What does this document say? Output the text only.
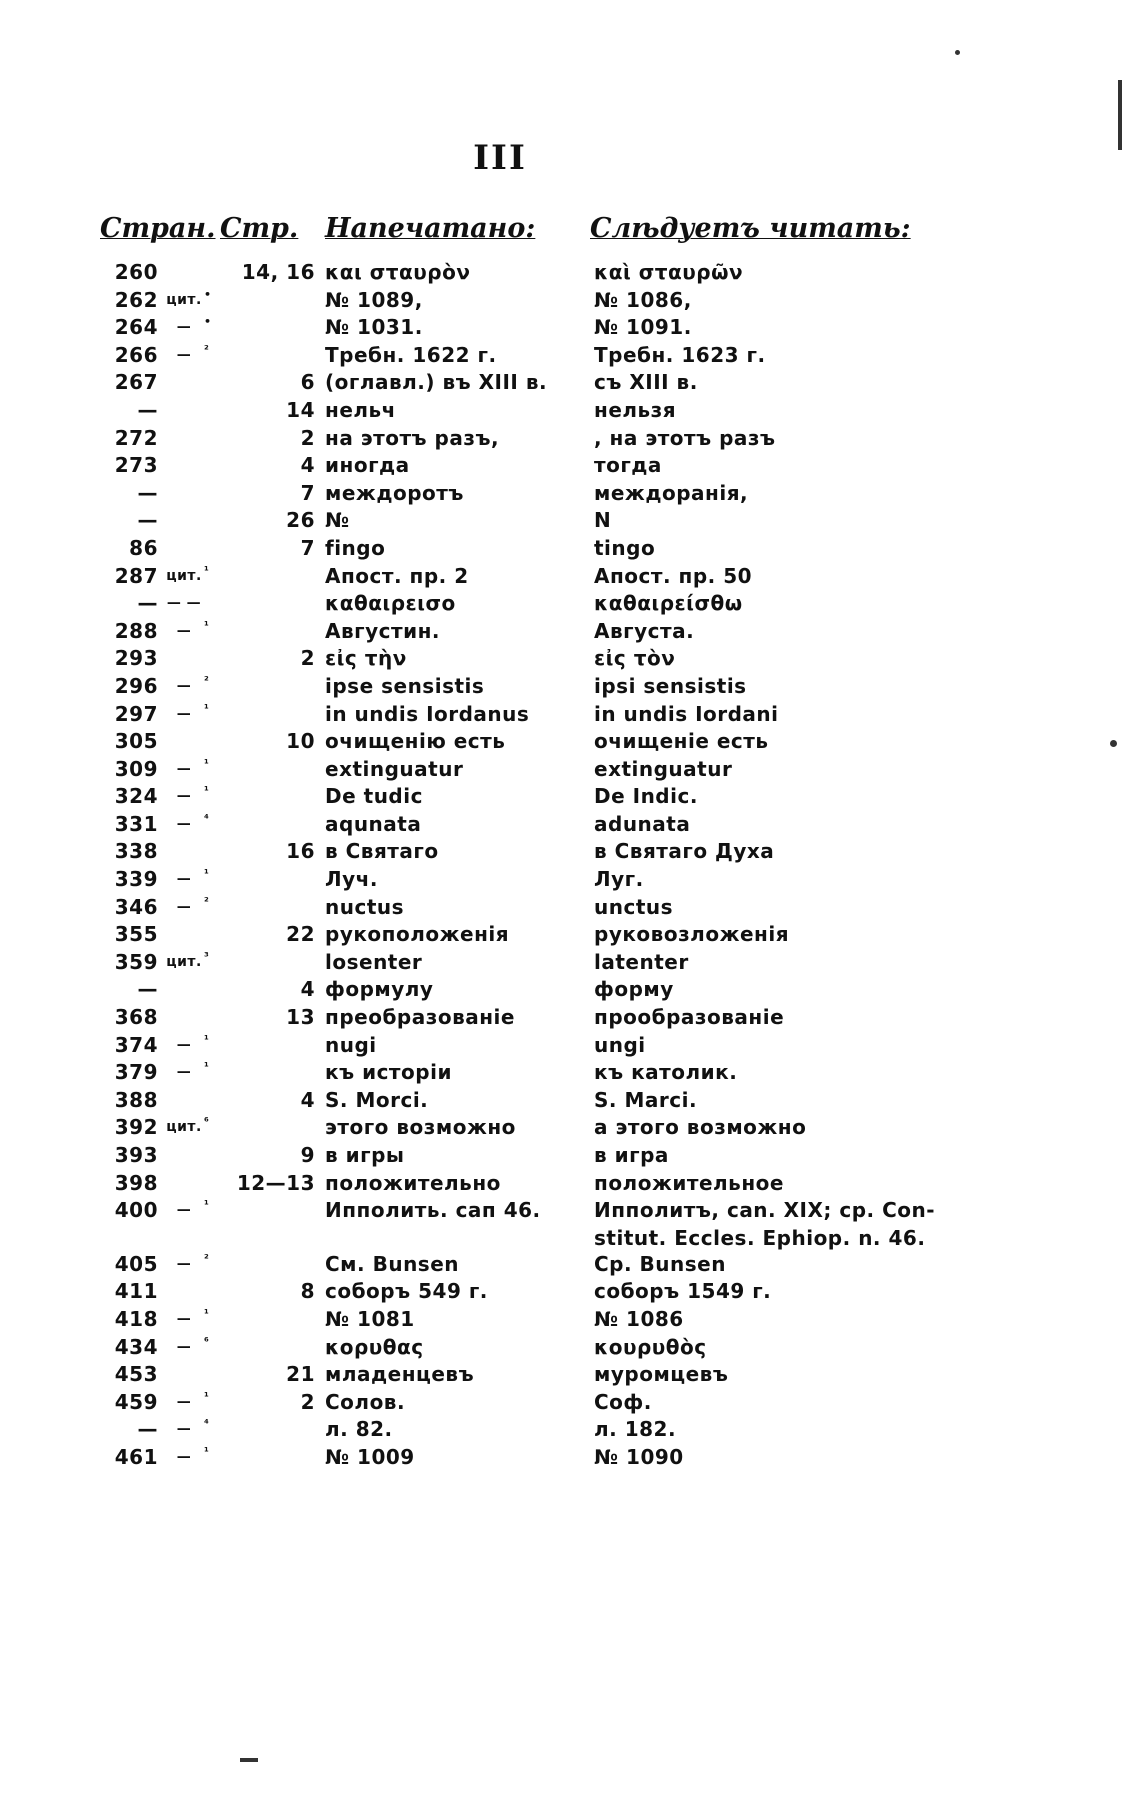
III
Стран. Стр. Напечатано: Слѣдуетъ читать:
260			14, 16	και σταυρὸν	καὶ σταυρῶν
262	цит.	•		№ 1089,	№ 1086,
264	—	•		№ 1031.	№ 1091.
266	—	²		Требн. 1622 г.	Требн. 1623 г.
267			6	(оглавл.) въ XIII в.	съ XIII в.
—			14	нельч	нельзя
272			2	на этотъ разъ,	, на этотъ разъ
273			4	иногда	тогда
—			7	междоротъ	междоранія,
—			26	№	N
86			7	fingo	tingo
287	цит.	¹		Апост. пр. 2	Апост. пр. 50
—	— —			καθαιρεισο	καθαιρείσθω
288	—	¹		Августин.	Августа.
293			2	εἰς τὴν	εἰς τὸν
296	—	²		ipse sensistis	ipsi sensistis
297	—	¹		in undis Iordanus	in undis Iordani
305			10	очищенію есть	очищеніе есть
309	—	¹		extinguatur	extinguatur
324	—	¹		De tudic	De Indic.
331	—	⁴		aqunata	adunata
338			16	в Святаго	в Святаго Духа
339	—	¹		Луч.	Луг.
346	—	²		nuctus	unctus
355			22	рукоположенія	руковозложенія
359	цит.	³		losenter	latenter
—			4	формулу	форму
368			13	преобразованіе	прообразованіе
374	—	¹		nugi	ungi
379	—	¹		къ исторіи	къ католик.
388			4	S. Morci.	S. Marci.
392	цит.	⁶		этого возможно	а этого возможно
393			9	в игры	в игра
398			12—13	положительно	положительное
400	—	¹		Ипполить. сап 46.	Ипполитъ, can. XIX; cp. Con-
					stitut. Eccles. Ephiop. n. 46.
405	—	²		См. Bunsen	Ср. Bunsen
411			8	соборъ 549 г.	соборъ 1549 г.
418	—	¹		№ 1081	№ 1086
434	—	⁶		κορυθας	κουρυθὸς
453			21	младенцевъ	муромцевъ
459	—	¹	2	Солов.	Соф.
—	—	⁴		л. 82.	л. 182.
461	—	¹		№ 1009	№ 1090
